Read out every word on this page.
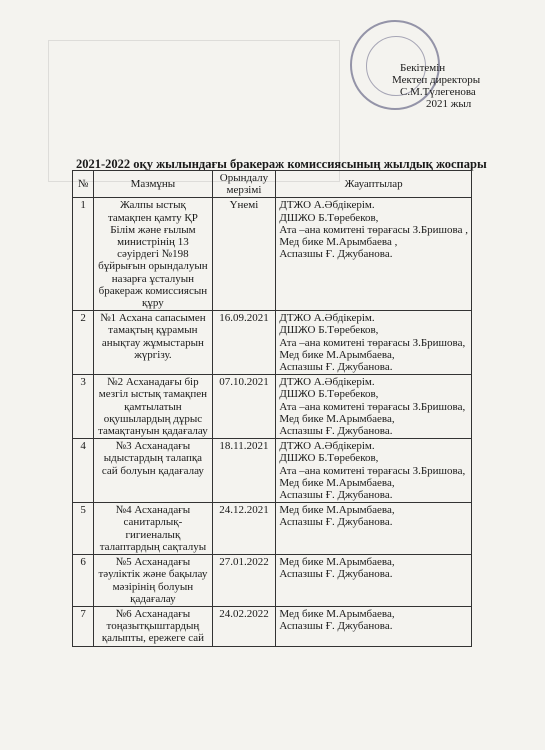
Бекітемін
Мектеп директоры
С.М.Түлегенова
2021 жыл
2021-2022 оқу жылындағы бракераж комиссиясының жылдық жоспары
№	Мазмұны	Орындалу мерзімі	Жауаптылар
1	Жалпы ыстық тамақпен қамту ҚР Білім және ғылым министрінің 13 сәуірдегі №198 бұйрығын орындалуын назарға ұсталуын бракераж комиссиясын құру	Үнемі	ДТЖО А.Әбдікерім.
ДШЖО Б.Төребеков,
Ата –ана комитені төрағасы З.Бришова ,
Мед бике М.Арымбаева ,
Аспазшы Ғ. Джубанова.

2	№1 Асхана сапасымен тамақтың құрамын анықтау жұмыстарын жүргізу.	16.09.2021	ДТЖО А.Әбдікерім.
ДШЖО Б.Төребеков,
Ата –ана комитені төрағасы З.Бришова,
Мед бике М.Арымбаева,
Аспазшы Ғ. Джубанова.

3	№2 Асханадағы бір мезгіл ыстық тамақпен қамтылатын оқушылардың дұрыс тамақтануын қадағалау	07.10.2021	ДТЖО А.Әбдікерім.
ДШЖО Б.Төребеков,
Ата –ана комитені төрағасы З.Бришова,
Мед бике М.Арымбаева,
Аспазшы Ғ. Джубанова.

4	№3 Асханадағы ыдыстардың талапқа сай болуын қадағалау	18.11.2021	ДТЖО А.Әбдікерім.
ДШЖО Б.Төребеков,
Ата –ана комитені төрағасы З.Бришова,
Мед бике М.Арымбаева,
Аспазшы Ғ. Джубанова.

5	№4 Асханадағы санитарлық-гигиеналық талаптардың сақталуы	24.12.2021	Мед бике М.Арымбаева,
Аспазшы Ғ. Джубанова.

6	№5 Асханадағы тәуліктік және бақылау мәзірінің болуын қадағалау	27.01.2022	Мед бике М.Арымбаева,
Аспазшы Ғ. Джубанова.

7	№6 Асханадағы тоңазытқыштардың қалыпты, ережеге сай	24.02.2022	Мед бике М.Арымбаева,
Аспазшы Ғ. Джубанова.
